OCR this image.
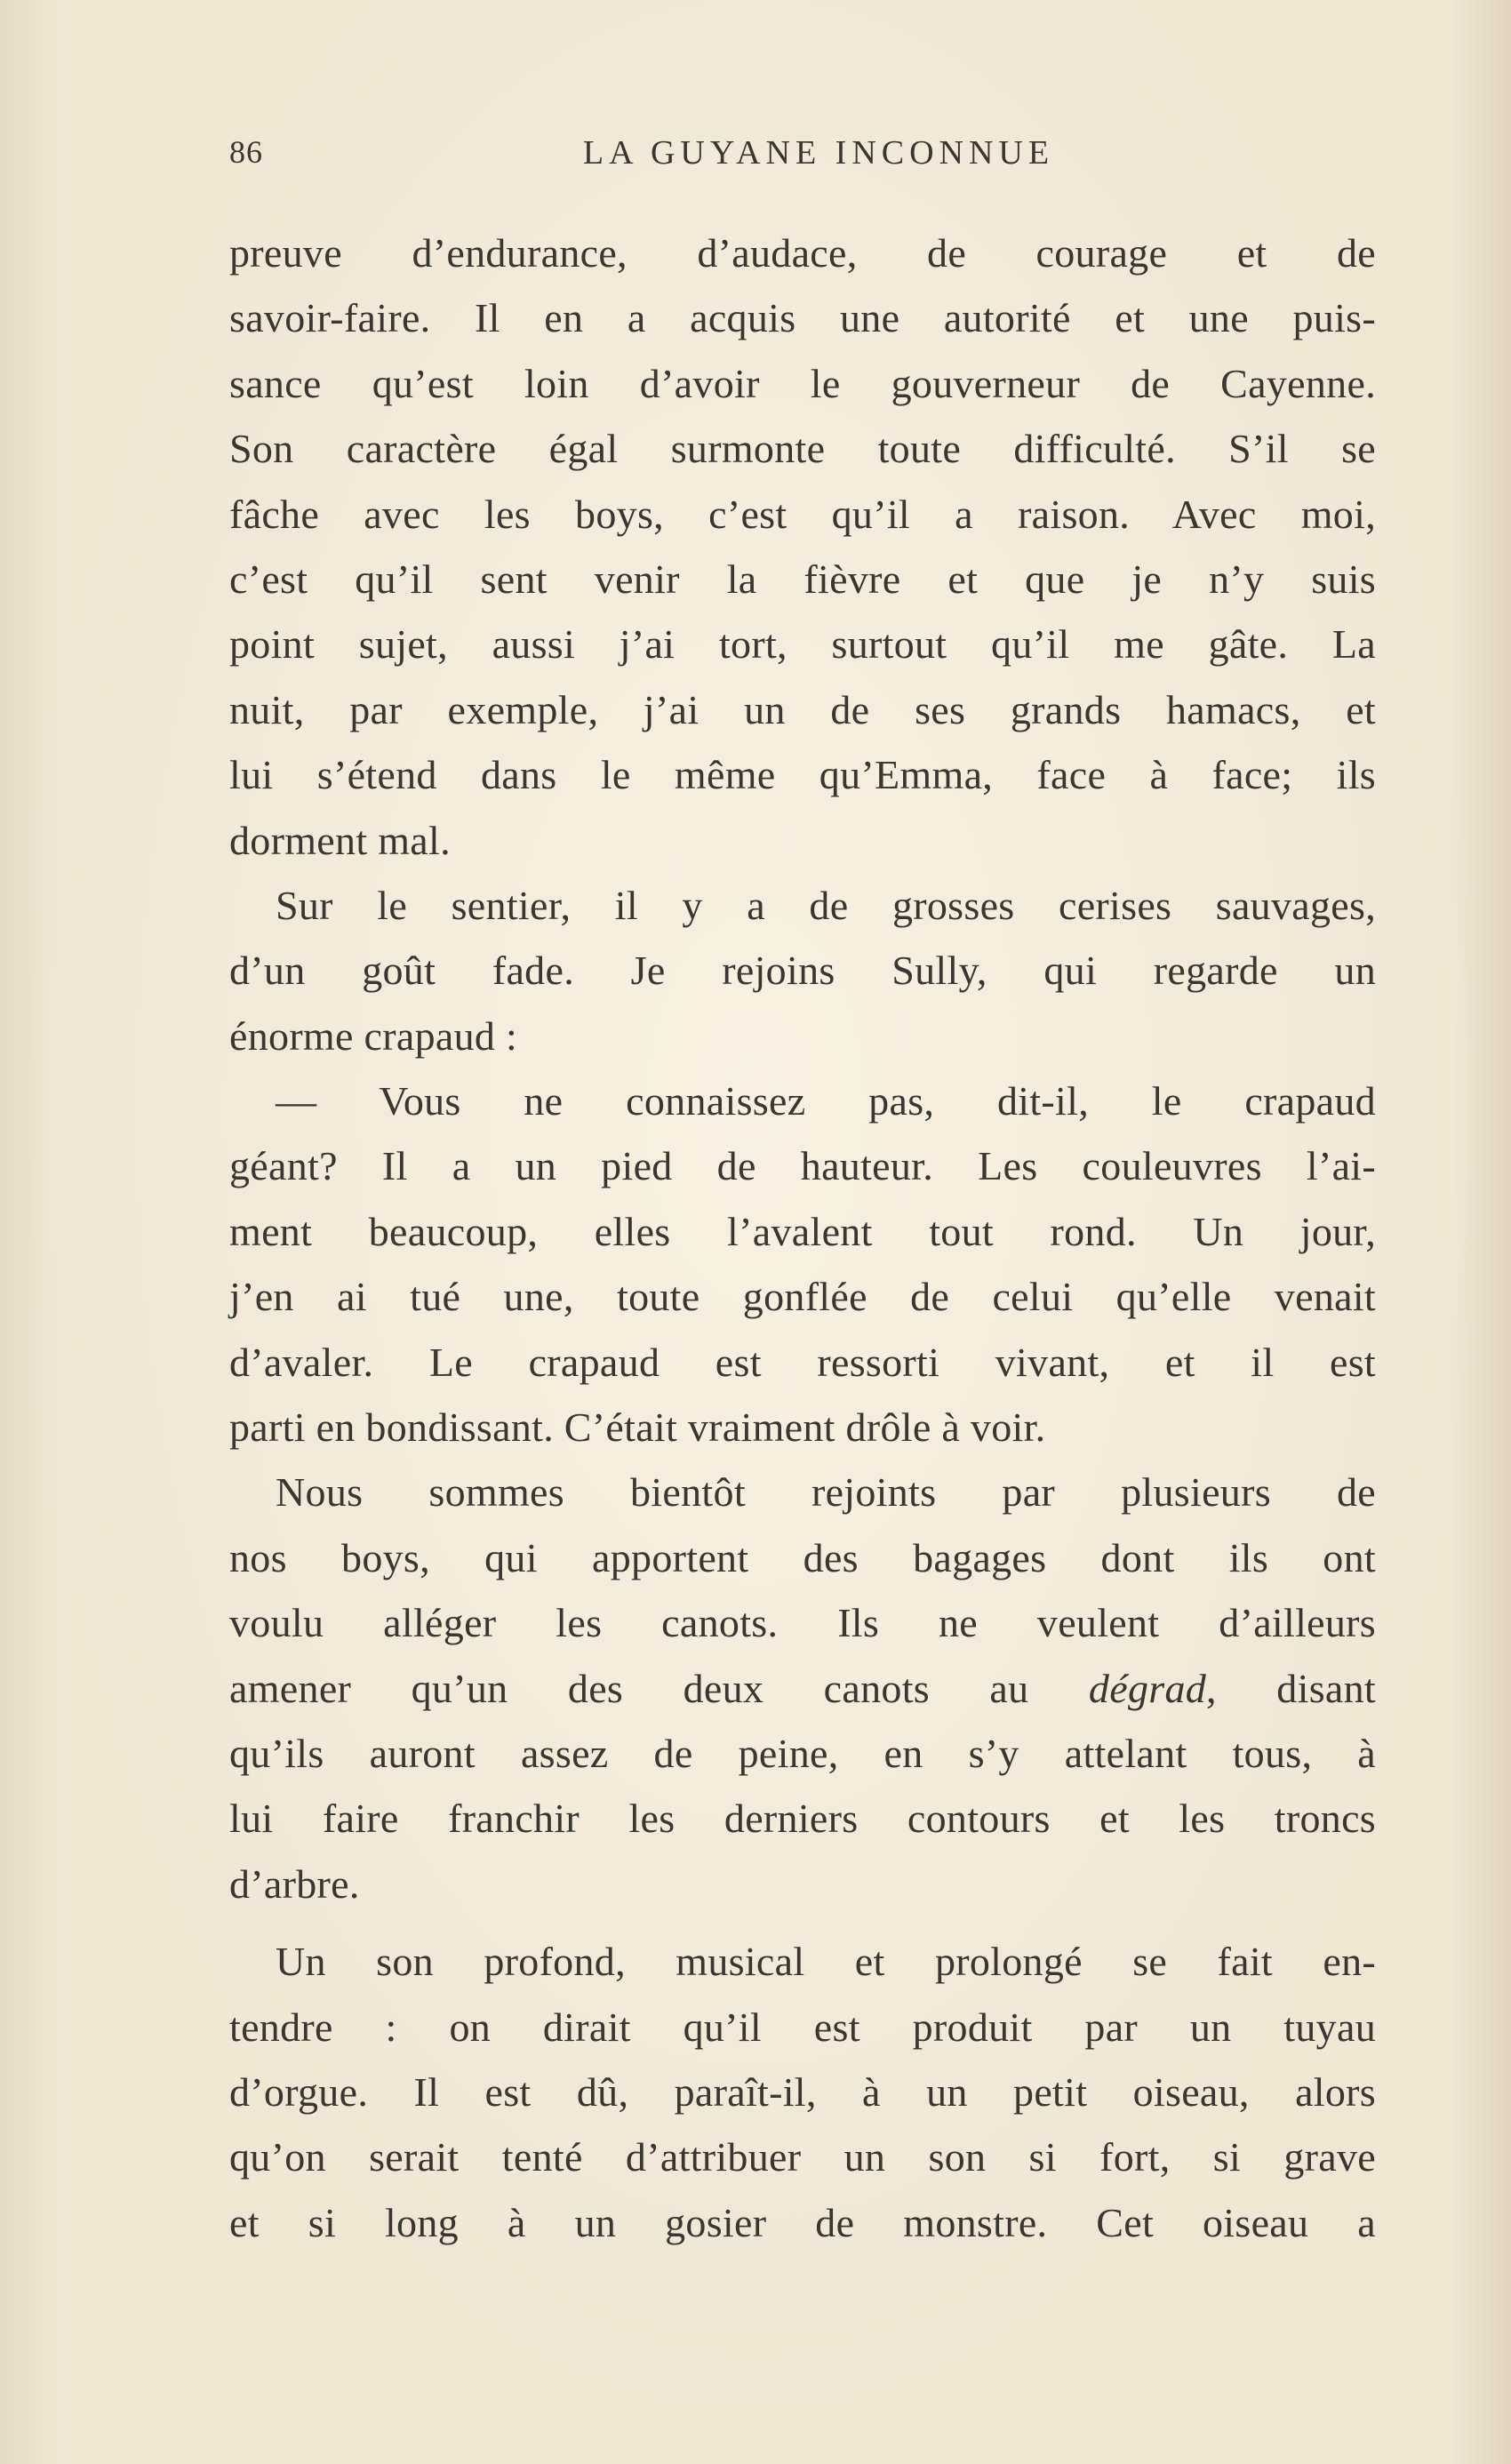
86	LA GUYANE INCONNUE
preuve d’endurance, d’audace, de courage et de
savoir-faire. Il en a acquis une autorité et une puis-
sance qu’est loin d’avoir le gouverneur de Cayenne.
Son caractère égal surmonte toute difficulté. S’il se
fâche avec les boys, c’est qu’il a raison. Avec moi,
c’est qu’il sent venir la fièvre et que je n’y suis
point sujet, aussi j’ai tort, surtout qu’il me gâte. La
nuit, par exemple, j’ai un de ses grands hamacs, et
lui s’étend dans le même qu’Emma, face à face; ils
dorment mal.
Sur le sentier, il y a de grosses cerises sauvages,
d’un goût fade. Je rejoins Sully, qui regarde un
énorme crapaud :
— Vous ne connaissez pas, dit-il, le crapaud
géant? Il a un pied de hauteur. Les couleuvres l’ai-
ment beaucoup, elles l’avalent tout rond. Un jour,
j’en ai tué une, toute gonflée de celui qu’elle venait
d’avaler. Le crapaud est ressorti vivant, et il est
parti en bondissant. C’était vraiment drôle à voir.
Nous sommes bientôt rejoints par plusieurs de
nos boys, qui apportent des bagages dont ils ont
voulu alléger les canots. Ils ne veulent d’ailleurs
amener qu’un des deux canots au dégrad, disant
qu’ils auront assez de peine, en s’y attelant tous, à
lui faire franchir les derniers contours et les troncs
d’arbre.
Un son profond, musical et prolongé se fait en-
tendre : on dirait qu’il est produit par un tuyau
d’orgue. Il est dû, paraît-il, à un petit oiseau, alors
qu’on serait tenté d’attribuer un son si fort, si grave
et si long à un gosier de monstre. Cet oiseau a
